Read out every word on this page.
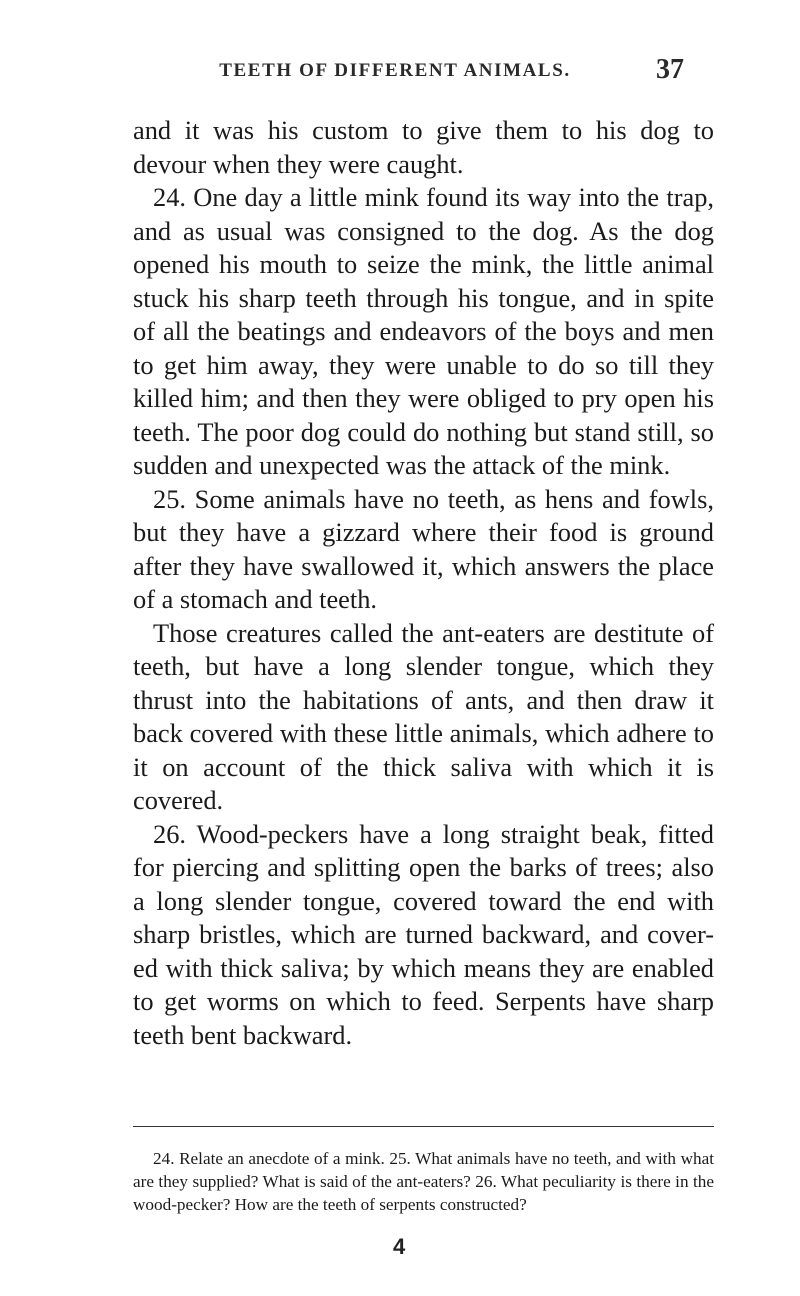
TEETH OF DIFFERENT ANIMALS.	37

and it was his custom to give them to his dog to devour when they were caught.

24. One day a little mink found its way into the trap, and as usual was consigned to the dog. As the dog opened his mouth to seize the mink, the little animal stuck his sharp teeth through his tongue, and in spite of all the beatings and endeavors of the boys and men to get him away, they were unable to do so till they killed him; and then they were obliged to pry open his teeth. The poor dog could do nothing but stand still, so sudden and unexpected was the attack of the mink.

25. Some animals have no teeth, as hens and fowls, but they have a gizzard where their food is ground after they have swallowed it, which answers the place of a stomach and teeth.

Those creatures called the ant-eaters are destitute of teeth, but have a long slender tongue, which they thrust into the habitations of ants, and then draw it back covered with these little animals, which adhere to it on account of the thick saliva with which it is covered.

26. Wood-peckers have a long straight beak, fitted for piercing and splitting open the barks of trees; also a long slender tongue, covered toward the end with sharp bristles, which are turned backward, and cover-ed with thick saliva; by which means they are enabled to get worms on which to feed. Serpents have sharp teeth bent backward.

24. Relate an anecdote of a mink. 25. What animals have no teeth, and with what are they supplied? What is said of the ant-eaters? 26. What peculiarity is there in the wood-pecker? How are the teeth of serpents constructed?

4
